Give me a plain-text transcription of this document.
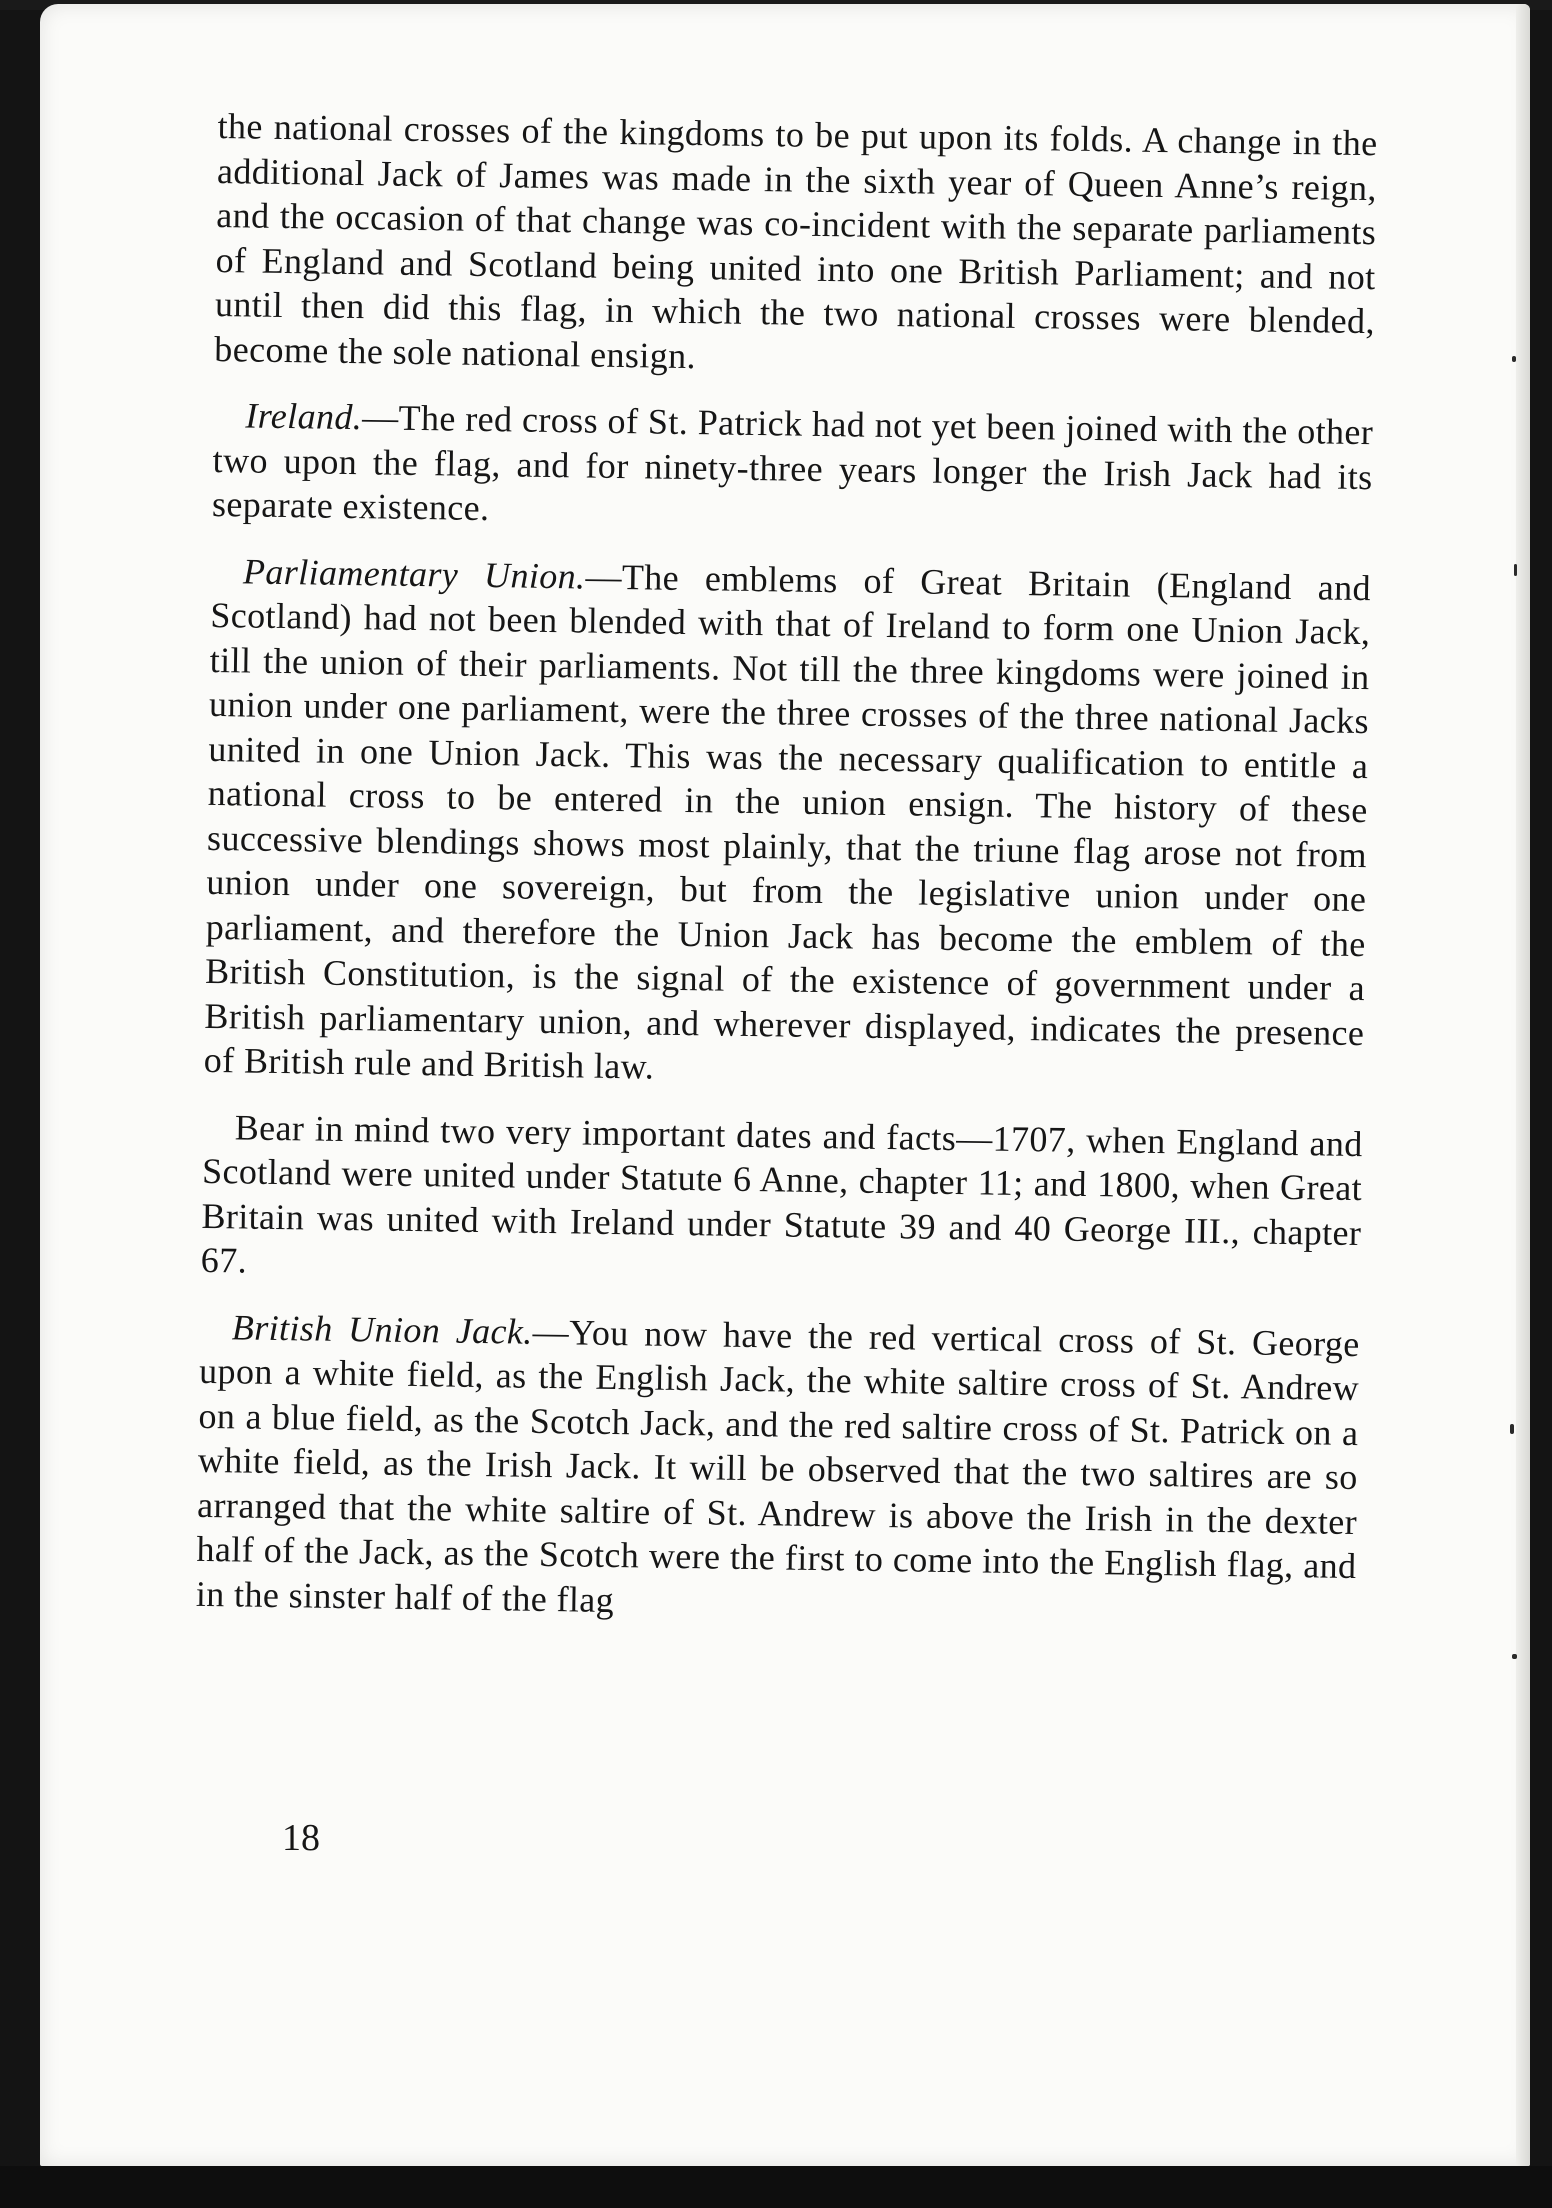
the national crosses of the kingdoms to be put upon its folds. A change in the additional Jack of James was made in the sixth year of Queen Anne’s reign, and the occasion of that change was co-incident with the separate parliaments of England and Scotland being united into one British Parliament; and not until then did this flag, in which the two national crosses were blended, become the sole national ensign.

Ireland.—The red cross of St. Patrick had not yet been joined with the other two upon the flag, and for ninety-three years longer the Irish Jack had its separate existence.

Parliamentary Union.—The emblems of Great Britain (England and Scotland) had not been blended with that of Ireland to form one Union Jack, till the union of their parliaments. Not till the three kingdoms were joined in union under one parliament, were the three crosses of the three national Jacks united in one Union Jack. This was the necessary qualification to entitle a national cross to be entered in the union ensign. The history of these successive blendings shows most plainly, that the triune flag arose not from union under one sovereign, but from the legislative union under one parliament, and therefore the Union Jack has become the emblem of the British Constitution, is the signal of the existence of government under a British parliamentary union, and wherever displayed, indicates the presence of British rule and British law.

Bear in mind two very important dates and facts—1707, when England and Scotland were united under Statute 6 Anne, chapter 11; and 1800, when Great Britain was united with Ireland under Statute 39 and 40 George III., chapter 67.

British Union Jack.—You now have the red vertical cross of St. George upon a white field, as the English Jack, the white saltire cross of St. Andrew on a blue field, as the Scotch Jack, and the red saltire cross of St. Patrick on a white field, as the Irish Jack. It will be observed that the two saltires are so arranged that the white saltire of St. Andrew is above the Irish in the dexter half of the Jack, as the Scotch were the first to come into the English flag, and in the sinster half of the flag

18
